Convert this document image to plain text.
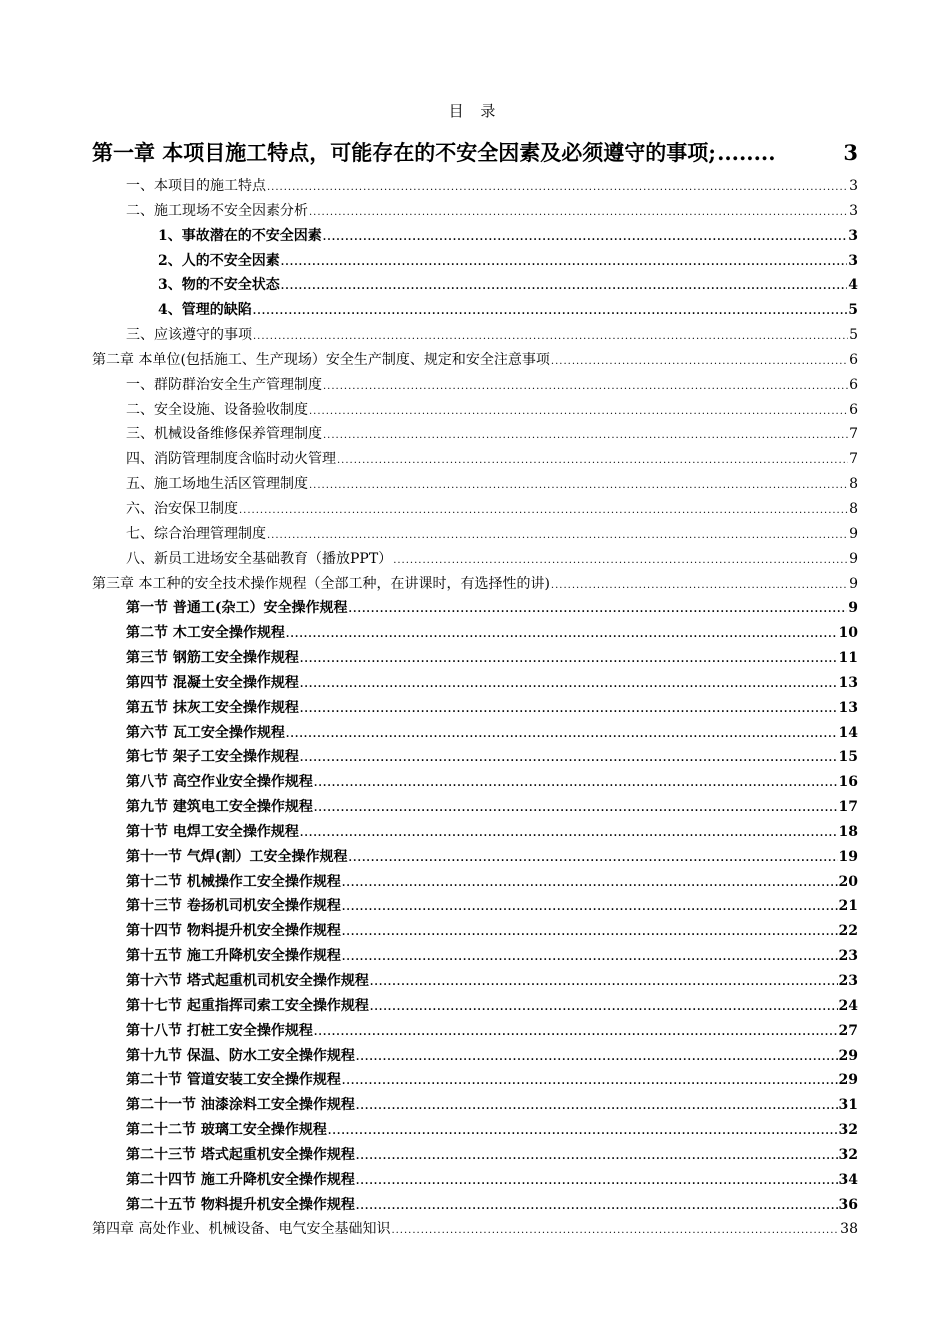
目 录
第一章 本项目施工特点，可能存在的不安全因素及必须遵守的事项; ........	3
一、本项目的施工特点 .....	3
二、施工现场不安全因素分析 .....	3
1、事故潜在的不安全因素 .....	3
2、人的不安全因素 .....	3
3、物的不安全状态 .....	4
4、管理的缺陷 .....	5
三、应该遵守的事项 .....	5
第二章 本单位(包括施工、生产现场）安全生产制度、规定和安全注意事项 .....	6
一、群防群治安全生产管理制度 .....	6
二、安全设施、设备验收制度 .....	6
三、机械设备维修保养管理制度 .....	7
四、消防管理制度含临时动火管理 .....	7
五、施工场地生活区管理制度 .....	8
六、治安保卫制度 .....	8
七、综合治理管理制度 .....	9
八、新员工进场安全基础教育（播放PPT） .....	9
第三章 本工种的安全技术操作规程（全部工种，在讲课时，有选择性的讲) .....	9
第一节 普通工(杂工）安全操作规程 .....	9
第二节 木工安全操作规程 .....	10
第三节 钢筋工安全操作规程 .....	11
第四节 混凝土安全操作规程 .....	13
第五节 抹灰工安全操作规程 .....	13
第六节 瓦工安全操作规程 .....	14
第七节 架子工安全操作规程 .....	15
第八节 高空作业安全操作规程 .....	16
第九节 建筑电工安全操作规程 .....	17
第十节 电焊工安全操作规程 .....	18
第十一节 气焊(割）工安全操作规程 .....	19
第十二节 机械操作工安全操作规程 .....	20
第十三节 卷扬机司机安全操作规程 .....	21
第十四节 物料提升机安全操作规程 .....	22
第十五节 施工升降机安全操作规程 .....	23
第十六节 塔式起重机司机安全操作规程 .....	23
第十七节 起重指挥司索工安全操作规程 .....	24
第十八节 打桩工安全操作规程 .....	27
第十九节 保温、防水工安全操作规程 .....	29
第二十节 管道安装工安全操作规程 .....	29
第二十一节 油漆涂料工安全操作规程 .....	31
第二十二节 玻璃工安全操作规程 .....	32
第二十三节 塔式起重机安全操作规程 .....	32
第二十四节 施工升降机安全操作规程 .....	34
第二十五节 物料提升机安全操作规程 .....	36
第四章 高处作业、机械设备、电气安全基础知识 .....	38
